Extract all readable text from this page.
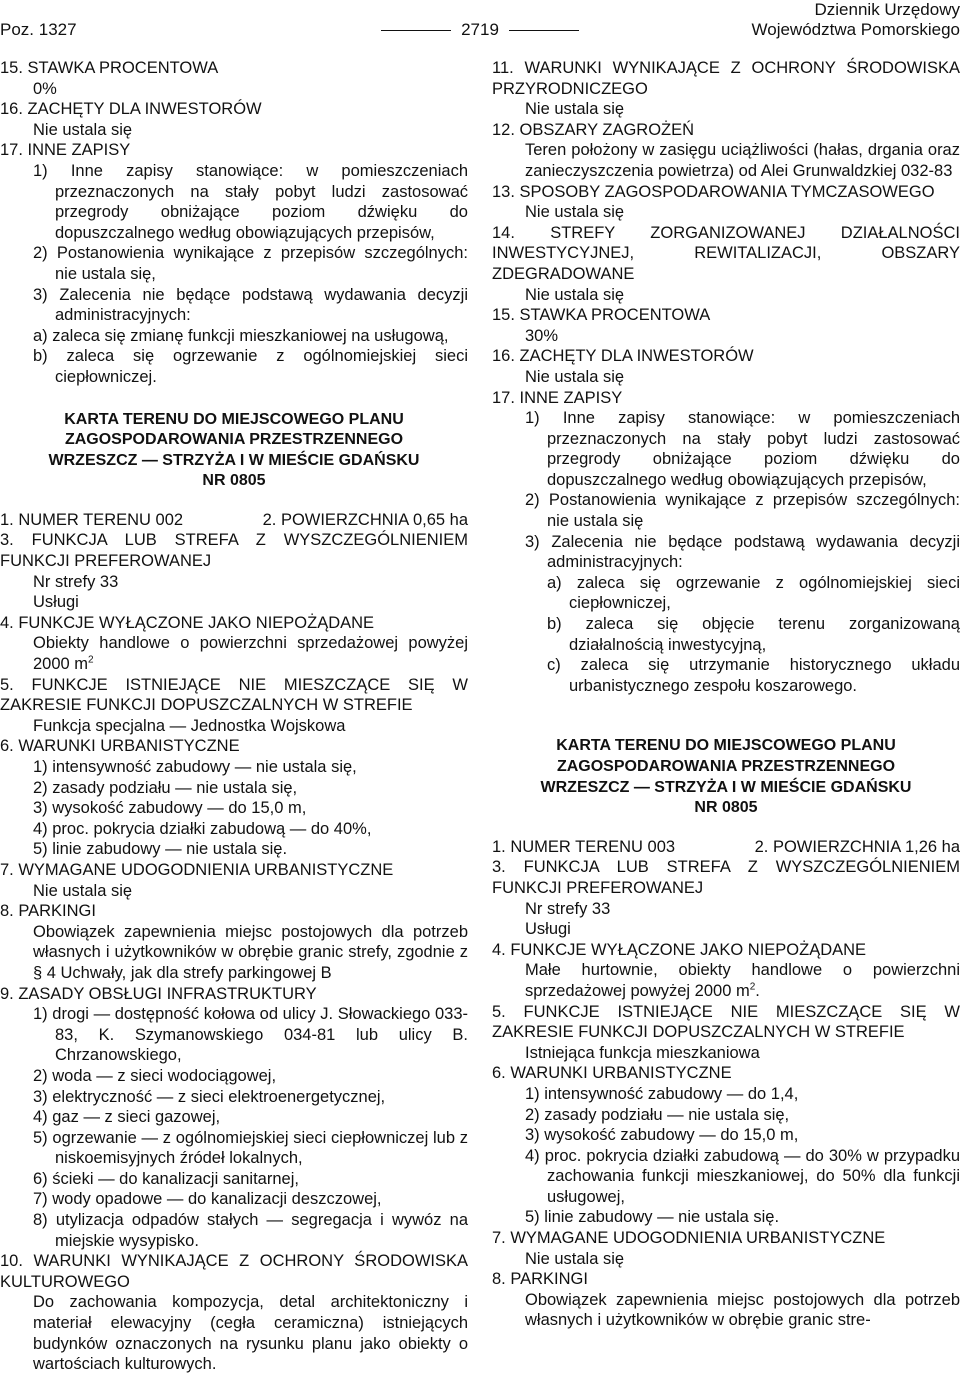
Poz. 1327	2719
Dziennik Urzędowy
Województwa Pomorskiego

15. STAWKA PROCENTOWA

0%

16. ZACHĘTY DLA INWESTORÓW

Nie ustala się

17. INNE ZAPISY

1) Inne zapisy stanowiące: w pomieszczeniach przeznaczonych na stały pobyt ludzi zastosować przegrody obniżające poziom dźwięku do dopuszczalnego według obowiązujących przepisów,

2) Postanowienia wynikające z przepisów szczególnych: nie ustala się,

3) Zalecenia nie będące podstawą wydawania decyzji administracyjnych:

a) zaleca się zmianę funkcji mieszkaniowej na usługową,

b) zaleca się ogrzewanie z ogólnomiejskiej sieci ciepłowniczej.

KARTA TERENU DO MIEJSCOWEGO PLANU

ZAGOSPODAROWANIA PRZESTRZENNEGO

WRZESZCZ — STRZYŻA I W MIEŚCIE GDAŃSKU

NR 0805

1. NUMER TERENU 002	2. POWIERZCHNIA 0,65 ha

3. FUNKCJA LUB STREFA Z WYSZCZEGÓLNIENIEM FUNKCJI PREFEROWANEJ

Nr strefy 33

Usługi

4. FUNKCJE WYŁĄCZONE JAKO NIEPOŻĄDANE

Obiekty handlowe o powierzchni sprzedażowej powyżej 2000 $m^2$

5. FUNKCJE ISTNIEJĄCE NIE MIESZCZĄCE SIĘ W ZAKRESIE FUNKCJI DOPUSZCZALNYCH W STREFIE

Funkcja specjalna — Jednostka Wojskowa

6. WARUNKI URBANISTYCZNE

1) intensywność zabudowy — nie ustala się,

2) zasady podziału — nie ustala się,

3) wysokość zabudowy — do 15,0 m,

4) proc. pokrycia działki zabudową — do 40%,

5) linie zabudowy — nie ustala się.

7. WYMAGANE UDOGODNIENIA URBANISTYCZNE

Nie ustala się

8. PARKINGI

Obowiązek zapewnienia miejsc postojowych dla potrzeb własnych i użytkowników w obrębie granic strefy, zgodnie z § 4 Uchwały, jak dla strefy parkingowej B

9. ZASADY OBSŁUGI INFRASTRUKTURY

1) drogi — dostępność kołowa od ulicy J. Słowackiego 033-83, K. Szymanowskiego 034-81 lub ulicy B. Chrzanowskiego,

2) woda — z sieci wodociągowej,

3) elektryczność — z sieci elektroenergetycznej,

4) gaz — z sieci gazowej,

5) ogrzewanie — z ogólnomiejskiej sieci ciepłowniczej lub z niskoemisyjnych źródeł lokalnych,

6) ścieki — do kanalizacji sanitarnej,

7) wody opadowe — do kanalizacji deszczowej,

8) utylizacja odpadów stałych — segregacja i wywóz na miejskie wysypisko.

10. WARUNKI WYNIKAJĄCE Z OCHRONY ŚRODOWISKA KULTUROWEGO

Do zachowania kompozycja, detal architektoniczny i materiał elewacyjny (cegła ceramiczna) istniejących budynków oznaczonych na rysunku planu jako obiekty o wartościach kulturowych.

11. WARUNKI WYNIKAJĄCE Z OCHRONY ŚRODOWISKA PRZYRODNICZEGO

Nie ustala się

12. OBSZARY ZAGROŻEŃ

Teren położony w zasięgu uciążliwości (hałas, drgania oraz zanieczyszczenia powietrza) od Alei Grunwaldzkiej 032-83

13. SPOSOBY ZAGOSPODAROWANIA TYMCZASOWEGO

Nie ustala się

14. STREFY ZORGANIZOWANEJ DZIAŁALNOŚCI INWESTYCYJNEJ, REWITALIZACJI, OBSZARY ZDEGRADOWANE

Nie ustala się

15. STAWKA PROCENTOWA

30%

16. ZACHĘTY DLA INWESTORÓW

Nie ustala się

17. INNE ZAPISY

1) Inne zapisy stanowiące: w pomieszczeniach przeznaczonych na stały pobyt ludzi zastosować przegrody obniżające poziom dźwięku do dopuszczalnego według obowiązujących przepisów,

2) Postanowienia wynikające z przepisów szczególnych: nie ustala się

3) Zalecenia nie będące podstawą wydawania decyzji administracyjnych:

a) zaleca się ogrzewanie z ogólnomiejskiej sieci ciepłowniczej,

b) zaleca się objęcie terenu zorganizowaną działalnością inwestycyjną,

c) zaleca się utrzymanie historycznego układu urbanistycznego zespołu koszarowego.

KARTA TERENU DO MIEJSCOWEGO PLANU

ZAGOSPODAROWANIA PRZESTRZENNEGO

WRZESZCZ — STRZYŻA I W MIEŚCIE GDAŃSKU

NR 0805

1. NUMER TERENU 003	2. POWIERZCHNIA 1,26 ha

3. FUNKCJA LUB STREFA Z WYSZCZEGÓLNIENIEM FUNKCJI PREFEROWANEJ

Nr strefy 33

Usługi

4. FUNKCJE WYŁĄCZONE JAKO NIEPOŻĄDANE

Małe hurtownie, obiekty handlowe o powierzchni sprzedażowej powyżej 2000 $m^2$.

5. FUNKCJE ISTNIEJĄCE NIE MIESZCZĄCE SIĘ W ZAKRESIE FUNKCJI DOPUSZCZALNYCH W STREFIE

Istniejąca funkcja mieszkaniowa

6. WARUNKI URBANISTYCZNE

1) intensywność zabudowy — do 1,4,

2) zasady podziału — nie ustala się,

3) wysokość zabudowy — do 15,0 m,

4) proc. pokrycia działki zabudową — do 30% w przypadku zachowania funkcji mieszkaniowej, do 50% dla funkcji usługowej,

5) linie zabudowy — nie ustala się.

7. WYMAGANE UDOGODNIENIA URBANISTYCZNE

Nie ustala się

8. PARKINGI

Obowiązek zapewnienia miejsc postojowych dla potrzeb własnych i użytkowników w obrębie granic stre-
